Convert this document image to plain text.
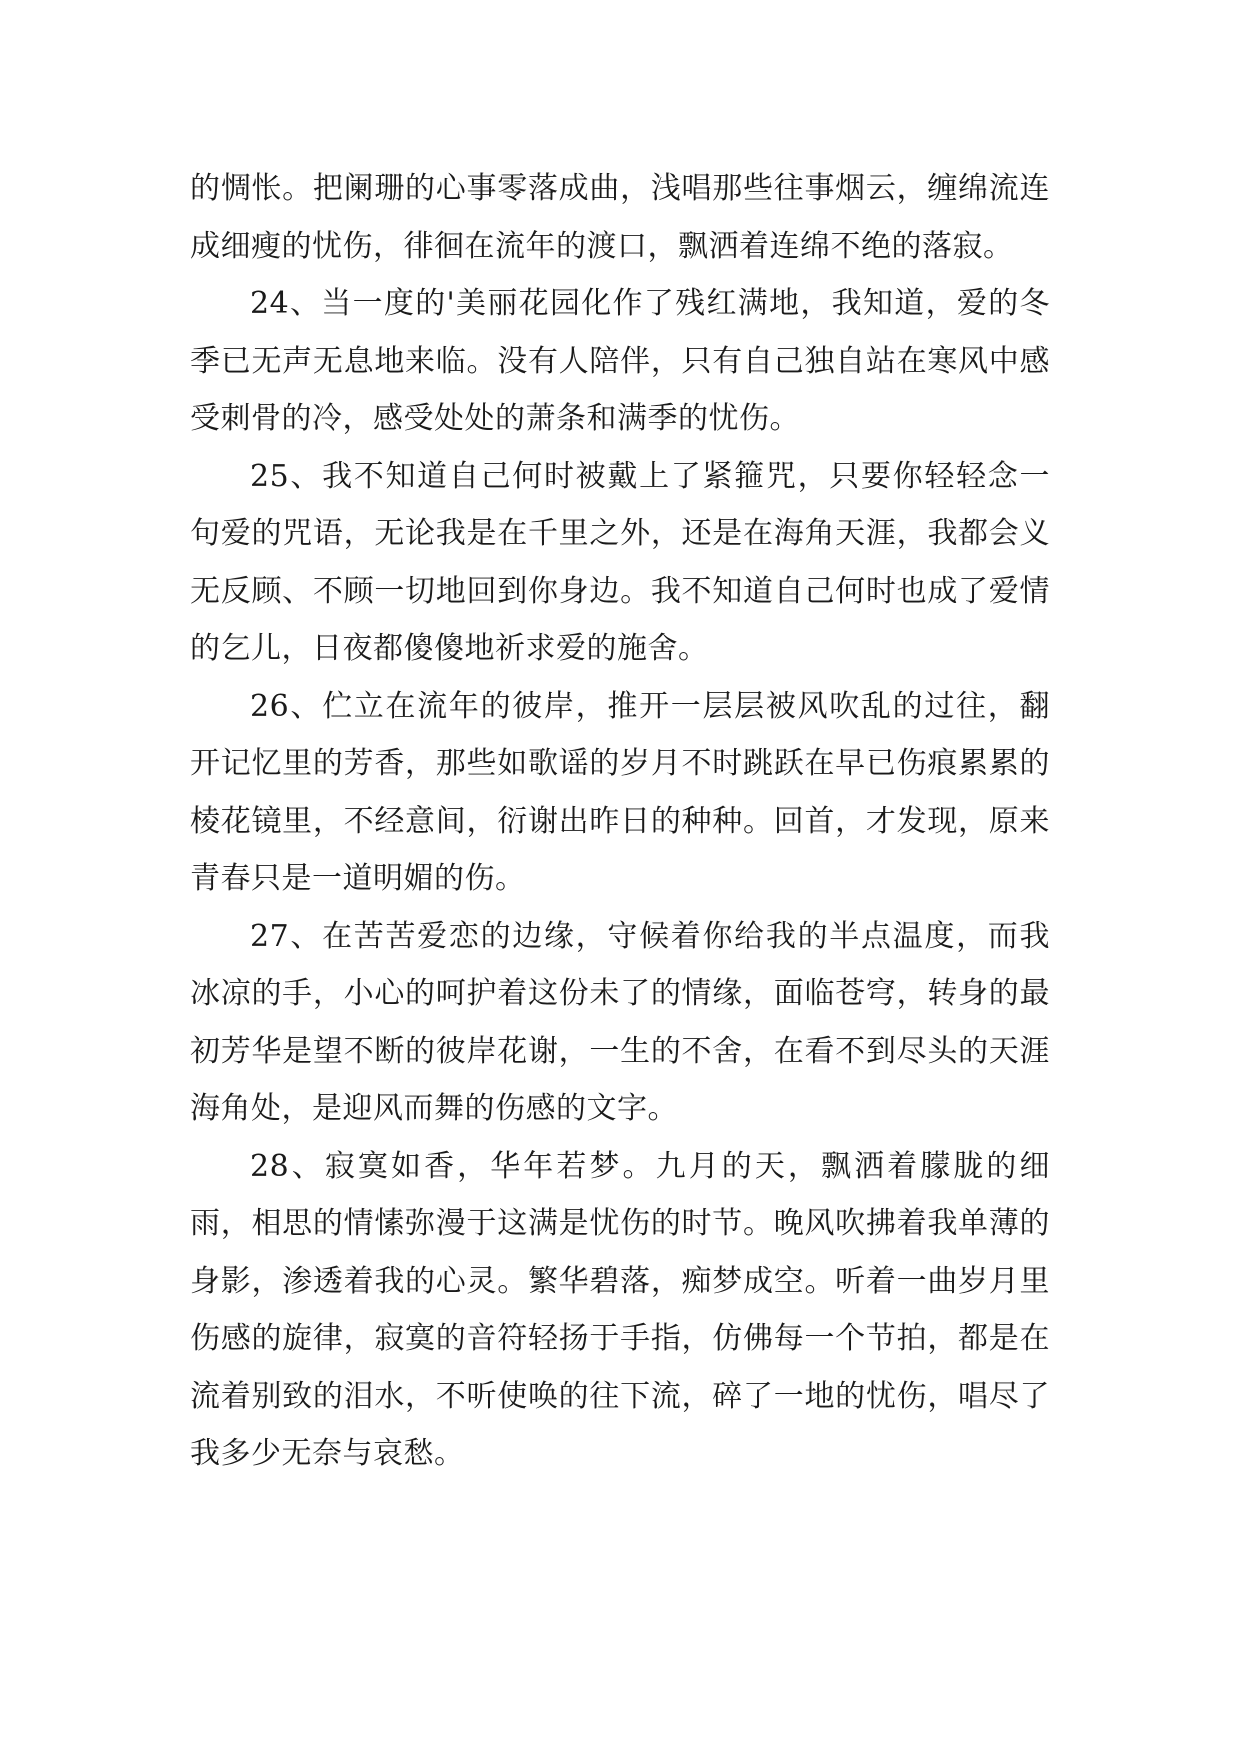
的惆怅。把阑珊的心事零落成曲，浅唱那些往事烟云，缠绵流连成细瘦的忧伤，徘徊在流年的渡口，飘洒着连绵不绝的落寂。

24、当一度的'美丽花园化作了残红满地，我知道，爱的冬季已无声无息地来临。没有人陪伴，只有自己独自站在寒风中感受刺骨的冷，感受处处的萧条和满季的忧伤。

25、我不知道自己何时被戴上了紧箍咒，只要你轻轻念一句爱的咒语，无论我是在千里之外，还是在海角天涯，我都会义无反顾、不顾一切地回到你身边。我不知道自己何时也成了爱情的乞儿，日夜都傻傻地祈求爱的施舍。

26、伫立在流年的彼岸，推开一层层被风吹乱的过往，翻开记忆里的芳香，那些如歌谣的岁月不时跳跃在早已伤痕累累的棱花镜里，不经意间，衍谢出昨日的种种。回首，才发现，原来青春只是一道明媚的伤。

27、在苦苦爱恋的边缘，守候着你给我的半点温度，而我冰凉的手，小心的呵护着这份未了的情缘，面临苍穹，转身的最初芳华是望不断的彼岸花谢，一生的不舍，在看不到尽头的天涯海角处，是迎风而舞的伤感的文字。

28、寂寞如香，华年若梦。九月的天，飘洒着朦胧的细雨，相思的情愫弥漫于这满是忧伤的时节。晚风吹拂着我单薄的身影，渗透着我的心灵。繁华碧落，痴梦成空。听着一曲岁月里伤感的旋律，寂寞的音符轻扬于手指，仿佛每一个节拍，都是在流着别致的泪水，不听使唤的往下流，碎了一地的忧伤，唱尽了我多少无奈与哀愁。
